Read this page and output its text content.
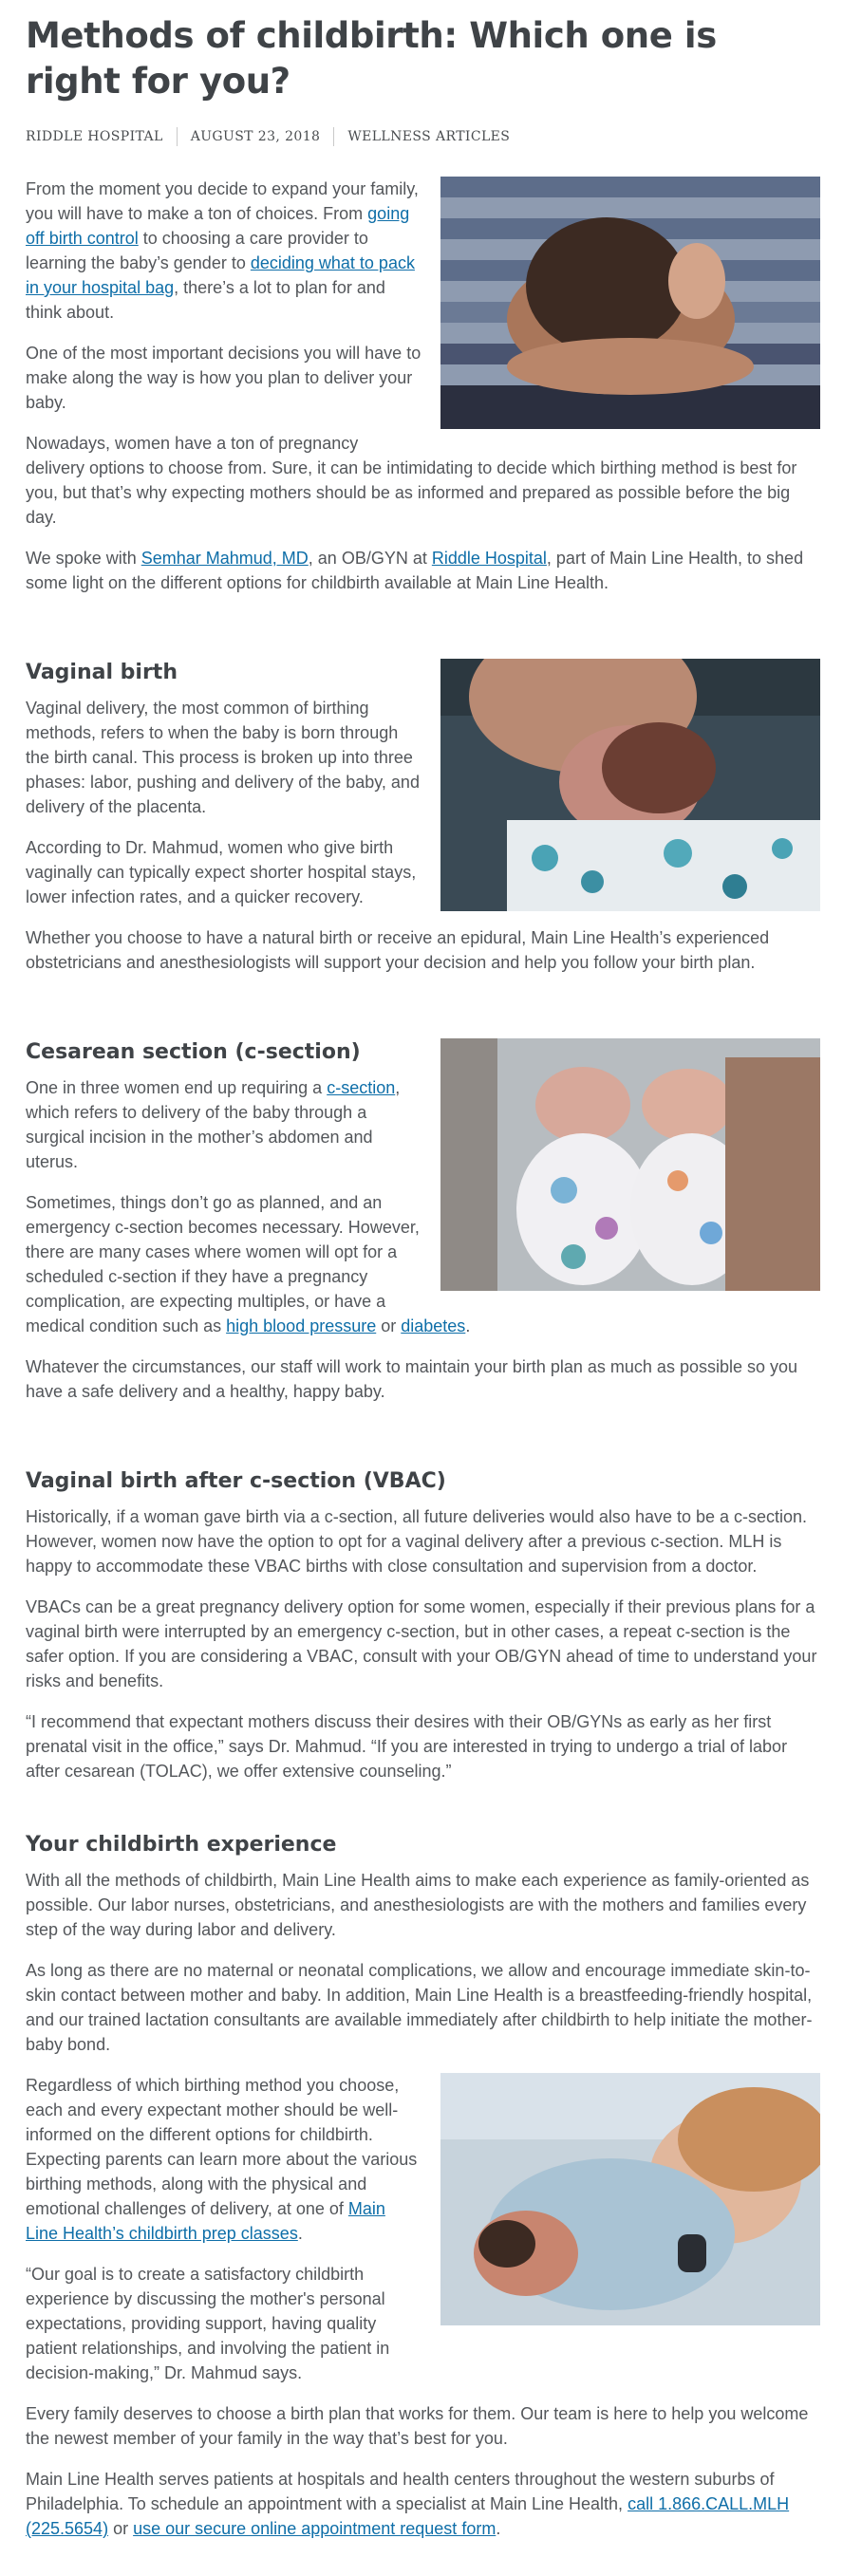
Methods of childbirth: Which one is right for you?
RIDDLE HOSPITAL	AUGUST 23, 2018	WELLNESS ARTICLES

From the moment you decide to expand your family, you will have to make a ton of choices. From going off birth control to choosing a care provider to learning the baby’s gender to deciding what to pack in your hospital bag, there’s a lot to plan for and think about.

One of the most important decisions you will have to make along the way is how you plan to deliver your baby.

Nowadays, women have a ton of pregnancy delivery options to choose from. Sure, it can be intimidating to decide which birthing method is best for you, but that’s why expecting mothers should be as informed and prepared as possible before the big day.

We spoke with Semhar Mahmud, MD, an OB/GYN at Riddle Hospital, part of Main Line Health, to shed some light on the different options for childbirth available at Main Line Health.

Vaginal birth

Vaginal delivery, the most common of birthing methods, refers to when the baby is born through the birth canal. This process is broken up into three phases: labor, pushing and delivery of the baby, and delivery of the placenta.

According to Dr. Mahmud, women who give birth vaginally can typically expect shorter hospital stays, lower infection rates, and a quicker recovery.

Whether you choose to have a natural birth or receive an epidural, Main Line Health’s experienced obstetricians and anesthesiologists will support your decision and help you follow your birth plan.

Cesarean section (c-section)

One in three women end up requiring a c-section, which refers to delivery of the baby through a surgical incision in the mother’s abdomen and uterus.

Sometimes, things don’t go as planned, and an emergency c-section becomes necessary. However, there are many cases where women will opt for a scheduled c-section if they have a pregnancy complication, are expecting multiples, or have a medical condition such as high blood pressure or diabetes.

Whatever the circumstances, our staff will work to maintain your birth plan as much as possible so you have a safe delivery and a healthy, happy baby.

Vaginal birth after c-section (VBAC)

Historically, if a woman gave birth via a c-section, all future deliveries would also have to be a c-section. However, women now have the option to opt for a vaginal delivery after a previous c-section. MLH is happy to accommodate these VBAC births with close consultation and supervision from a doctor.

VBACs can be a great pregnancy delivery option for some women, especially if their previous plans for a vaginal birth were interrupted by an emergency c-section, but in other cases, a repeat c-section is the safer option. If you are considering a VBAC, consult with your OB/GYN ahead of time to understand your risks and benefits.

“I recommend that expectant mothers discuss their desires with their OB/GYNs as early as her first prenatal visit in the office,” says Dr. Mahmud. “If you are interested in trying to undergo a trial of labor after cesarean (TOLAC), we offer extensive counseling.”

Your childbirth experience

With all the methods of childbirth, Main Line Health aims to make each experience as family-oriented as possible. Our labor nurses, obstetricians, and anesthesiologists are with the mothers and families every step of the way during labor and delivery.

As long as there are no maternal or neonatal complications, we allow and encourage immediate skin-to-skin contact between mother and baby. In addition, Main Line Health is a breastfeeding-friendly hospital, and our trained lactation consultants are available immediately after childbirth to help initiate the mother-baby bond.

Regardless of which birthing method you choose, each and every expectant mother should be well-informed on the different options for childbirth. Expecting parents can learn more about the various birthing methods, along with the physical and emotional challenges of delivery, at one of Main Line Health’s childbirth prep classes.

“Our goal is to create a satisfactory childbirth experience by discussing the mother's personal expectations, providing support, having quality patient relationships, and involving the patient in decision-making,” Dr. Mahmud says.

Every family deserves to choose a birth plan that works for them. Our team is here to help you welcome the newest member of your family in the way that’s best for you.

Main Line Health serves patients at hospitals and health centers throughout the western suburbs of Philadelphia. To schedule an appointment with a specialist at Main Line Health, call 1.866.CALL.MLH (225.5654) or use our secure online appointment request form.
